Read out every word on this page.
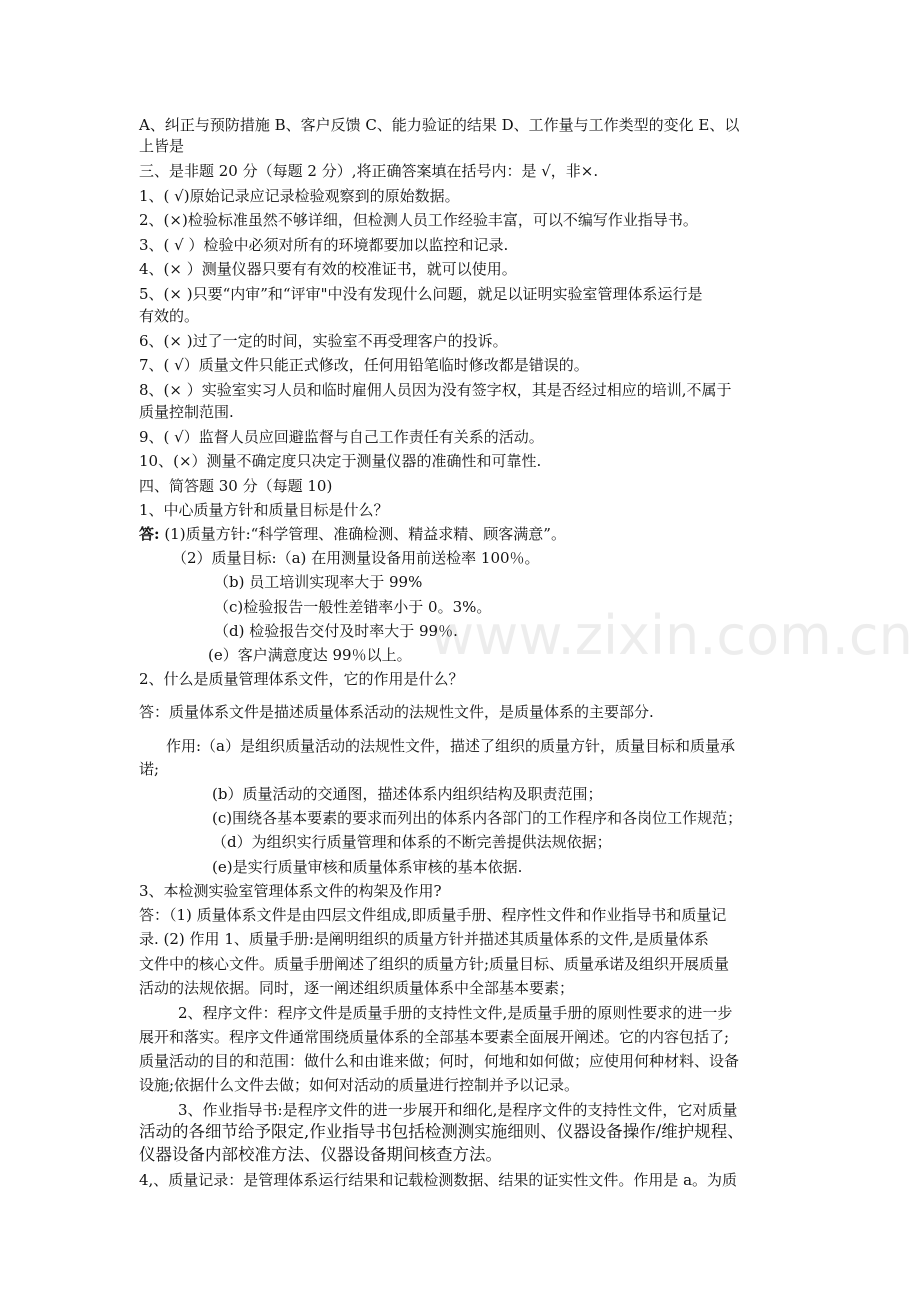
www.zixin.com.cn
A、纠正与预防措施 B、客户反馈 C、能力验证的结果 D、工作量与工作类型的变化 E、以
上皆是
三、是非题 20 分（每题 2 分）,将正确答案填在括号内：是 √，非×.
1、( √)原始记录应记录检验观察到的原始数据。
2、(×)检验标准虽然不够详细，但检测人员工作经验丰富，可以不编写作业指导书。
3、( √ ）检验中必须对所有的环境都要加以监控和记录.
4、(× ）测量仪器只要有有效的校准证书，就可以使用。
5、(× )只要“内审”和“评审"中没有发现什么问题，就足以证明实验室管理体系运行是
有效的。
6、(× )过了一定的时间，实验室不再受理客户的投诉。
7、( √）质量文件只能正式修改，任何用铅笔临时修改都是错误的。
8、(× ）实验室实习人员和临时雇佣人员因为没有签字权，其是否经过相应的培训,不属于
质量控制范围.
9、( √）监督人员应回避监督与自己工作责任有关系的活动。
10、(×）测量不确定度只决定于测量仪器的准确性和可靠性.
四、简答题 30 分（每题 10)
1、中心质量方针和质量目标是什么？
答: (1)质量方针:“科学管理、准确检测、精益求精、顾客满意”。
（2）质量目标:（a) 在用测量设备用前送检率 100％。
（b) 员工培训实现率大于 99%
（c)检验报告一般性差错率小于 0。3%。
（d) 检验报告交付及时率大于 99％.
(e）客户满意度达 99％以上。
2、什么是质量管理体系文件，它的作用是什么？
答：质量体系文件是描述质量体系活动的法规性文件，是质量体系的主要部分.
作用:（a）是组织质量活动的法规性文件，描述了组织的质量方针，质量目标和质量承
诺;
(b）质量活动的交通图，描述体系内组织结构及职责范围；
(c)围绕各基本要素的要求而列出的体系内各部门的工作程序和各岗位工作规范；
（d）为组织实行质量管理和体系的不断完善提供法规依据；
(e)是实行质量审核和质量体系审核的基本依据.
3、本检测实验室管理体系文件的构架及作用?
答：（1) 质量体系文件是由四层文件组成,即质量手册、程序性文件和作业指导书和质量记
录. (2) 作用 1、质量手册:是阐明组织的质量方针并描述其质量体系的文件,是质量体系
文件中的核心文件。质量手册阐述了组织的质量方针;质量目标、质量承诺及组织开展质量
活动的法规依据。同时，逐一阐述组织质量体系中全部基本要素；
2、程序文件：程序文件是质量手册的支持性文件,是质量手册的原则性要求的进一步
展开和落实。程序文件通常围绕质量体系的全部基本要素全面展开阐述。它的内容包括了;
质量活动的目的和范围：做什么和由谁来做；何时，何地和如何做；应使用何种材料、设备
设施;依据什么文件去做；如何对活动的质量进行控制并予以记录。
3、作业指导书:是程序文件的进一步展开和细化,是程序文件的支持性文件，它对质量
活动的各细节给予限定,作业指导书包括检测测实施细则、仪器设备操作/维护规程、
仪器设备内部校准方法、仪器设备期间核查方法。
4,、质量记录：是管理体系运行结果和记载检测数据、结果的证实性文件。作用是 a。为质
